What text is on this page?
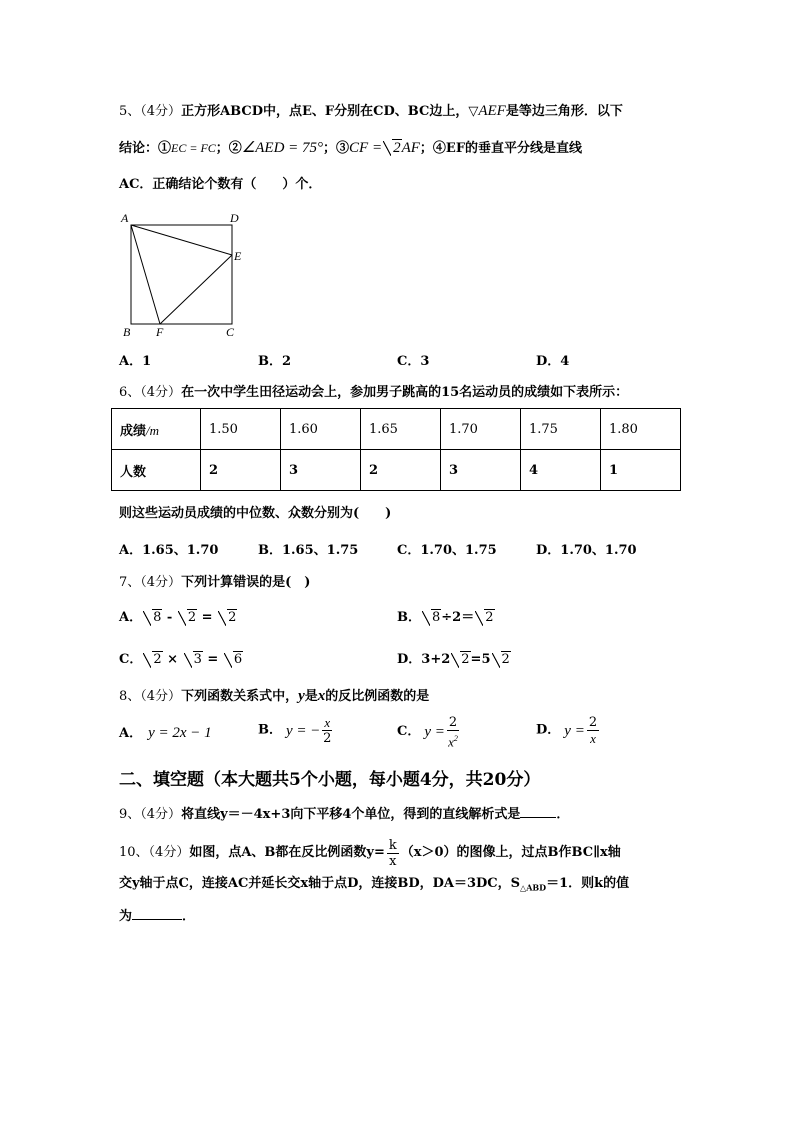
5、（4分）正方形ABCD中，点E、F分别在CD、BC边上，▽AEF是等边三角形．以下
结论：①EC = FC；②∠AED = 75°；③CF = 2AF；④EF的垂直平分线是直线
AC．正确结论个数有（　　）个．
A	D
E
B F	C
A．1	B．2	C．3	D．4
6、（4分）在一次中学生田径运动会上，参加男子跳高的15名运动员的成绩如下表所示：
成绩/m	1.50	1.60	1.65	1.70	1.75	1.80
人数	2	3	2	3	4	1
则这些运动员成绩的中位数、众数分别为(　　)
A．1.65、1.70	B．1.65、1.75	C．1.70、1.75	D．1.70、1.70
7、（4分）下列计算错误的是(　)
A． 8 - 2 = 2	B． 8÷2＝ 2
C． 2 × 3 = 6	D．3+2 2=5 2
8、（4分）下列函数关系式中，y是x的反比例函数的是
A． y = 2x − 1	B． y = − $\frac{x}{2}$	C． $y = \frac{2}{x^2}$	D． $y = \frac{2}{x}$
二、填空题（本大题共5个小题，每小题4分，共20分）
9、（4分）将直线y＝－4x+3向下平移4个单位，得到的直线解析式是	．
10、（4分）如图，点A、B都在反比例函数$y= \frac{k}{x} (x>0)$的图像上，过点B作BC∥x轴
交y轴于点C，连接AC并延长交x轴于点D，连接BD，DA＝3DC，$S_{\triangle ABD}=1$．则k的值
为	．
